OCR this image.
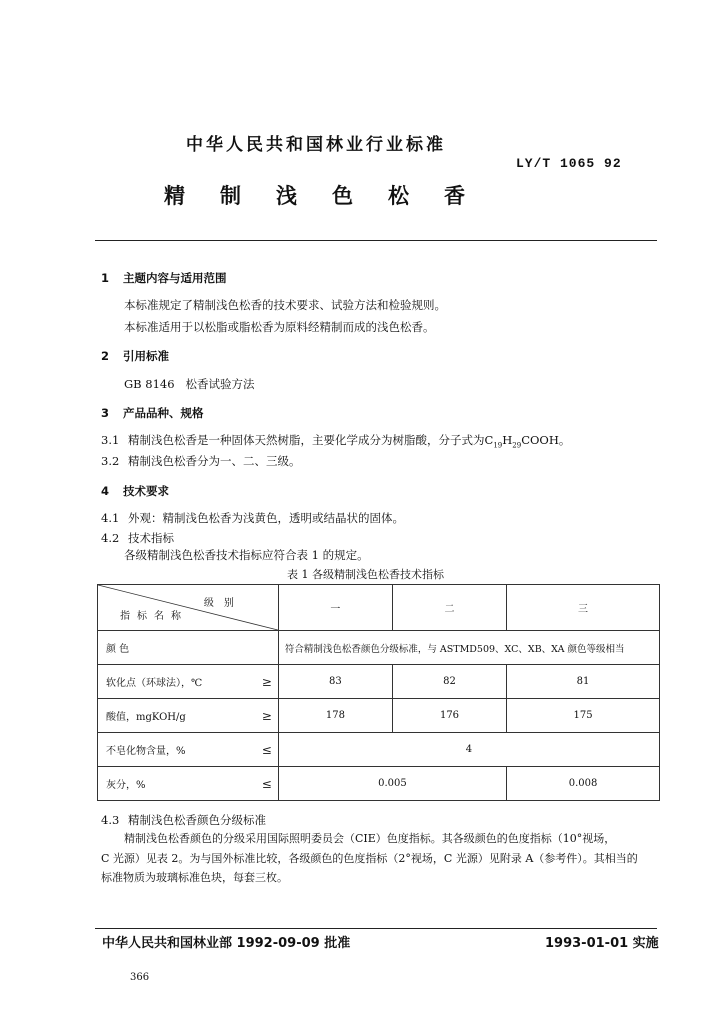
中华人民共和国林业行业标准
LY/T 1065 92
精制浅色松香
1 主题内容与适用范围
本标准规定了精制浅色松香的技术要求、试验方法和检验规则。
本标准适用于以松脂或脂松香为原料经精制而成的浅色松香。
2 引用标准
GB 8146 松香试验方法
3 产品品种、规格
3.1 精制浅色松香是一种固体天然树脂，主要化学成分为树脂酸，分子式为$C_{19}H_{29}COOH$。
3.2 精制浅色松香分为一、二、三级。
4 技术要求
4.1 外观：精制浅色松香为浅黄色，透明或结晶状的固体。
4.2 技术指标
各级精制浅色松香技术指标应符合表 1 的规定。
表 1 各级精制浅色松香技术指标
级别
指标名称		一	二	三
颜 色		符合精制浅色松香颜色分级标准，与 ASTMD509、XC、XB、XA 颜色等级相当		
软化点（环球法），℃	≥	83	82	81
酸值，mgKOH/g	≥	178	176	175
不皂化物含量，%	≤	4		
灰分，%	≤	0.005		0.008
4.3 精制浅色松香颜色分级标准
精制浅色松香颜色的分级采用国际照明委员会（CIE）色度指标。其各级颜色的色度指标（10°视场，
C 光源）见表 2。为与国外标准比较，各级颜色的色度指标（2°视场，C 光源）见附录 A（参考件）。其相当的
标准物质为玻璃标准色块，每套三枚。
中华人民共和国林业部 1992-09-09 批准	1993-01-01 实施
366
